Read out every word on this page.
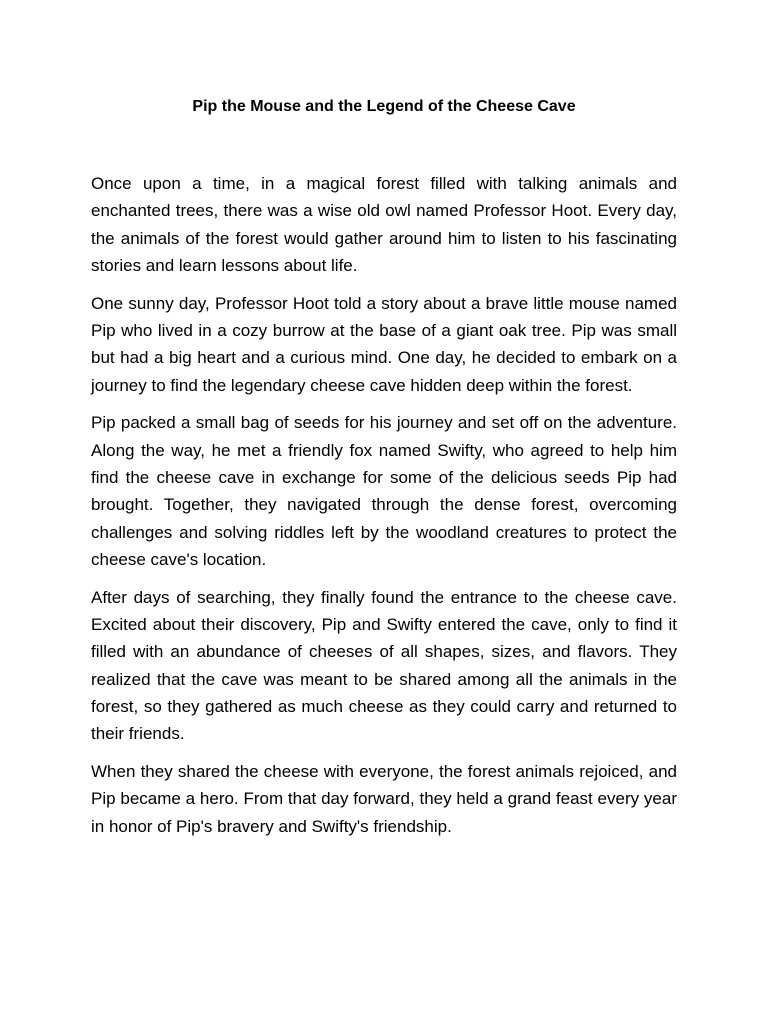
Pip the Mouse and the Legend of the Cheese Cave

Once upon a time, in a magical forest filled with talking animals and enchanted trees, there was a wise old owl named Professor Hoot. Every day, the animals of the forest would gather around him to listen to his fascinating stories and learn lessons about life.

One sunny day, Professor Hoot told a story about a brave little mouse named Pip who lived in a cozy burrow at the base of a giant oak tree. Pip was small but had a big heart and a curious mind. One day, he decided to embark on a journey to find the legendary cheese cave hidden deep within the forest.

Pip packed a small bag of seeds for his journey and set off on the adventure. Along the way, he met a friendly fox named Swifty, who agreed to help him find the cheese cave in exchange for some of the delicious seeds Pip had brought. Together, they navigated through the dense forest, overcoming challenges and solving riddles left by the woodland creatures to protect the cheese cave's location.

After days of searching, they finally found the entrance to the cheese cave. Excited about their discovery, Pip and Swifty entered the cave, only to find it filled with an abundance of cheeses of all shapes, sizes, and flavors. They realized that the cave was meant to be shared among all the animals in the forest, so they gathered as much cheese as they could carry and returned to their friends.

When they shared the cheese with everyone, the forest animals rejoiced, and Pip became a hero. From that day forward, they held a grand feast every year in honor of Pip's bravery and Swifty's friendship.
